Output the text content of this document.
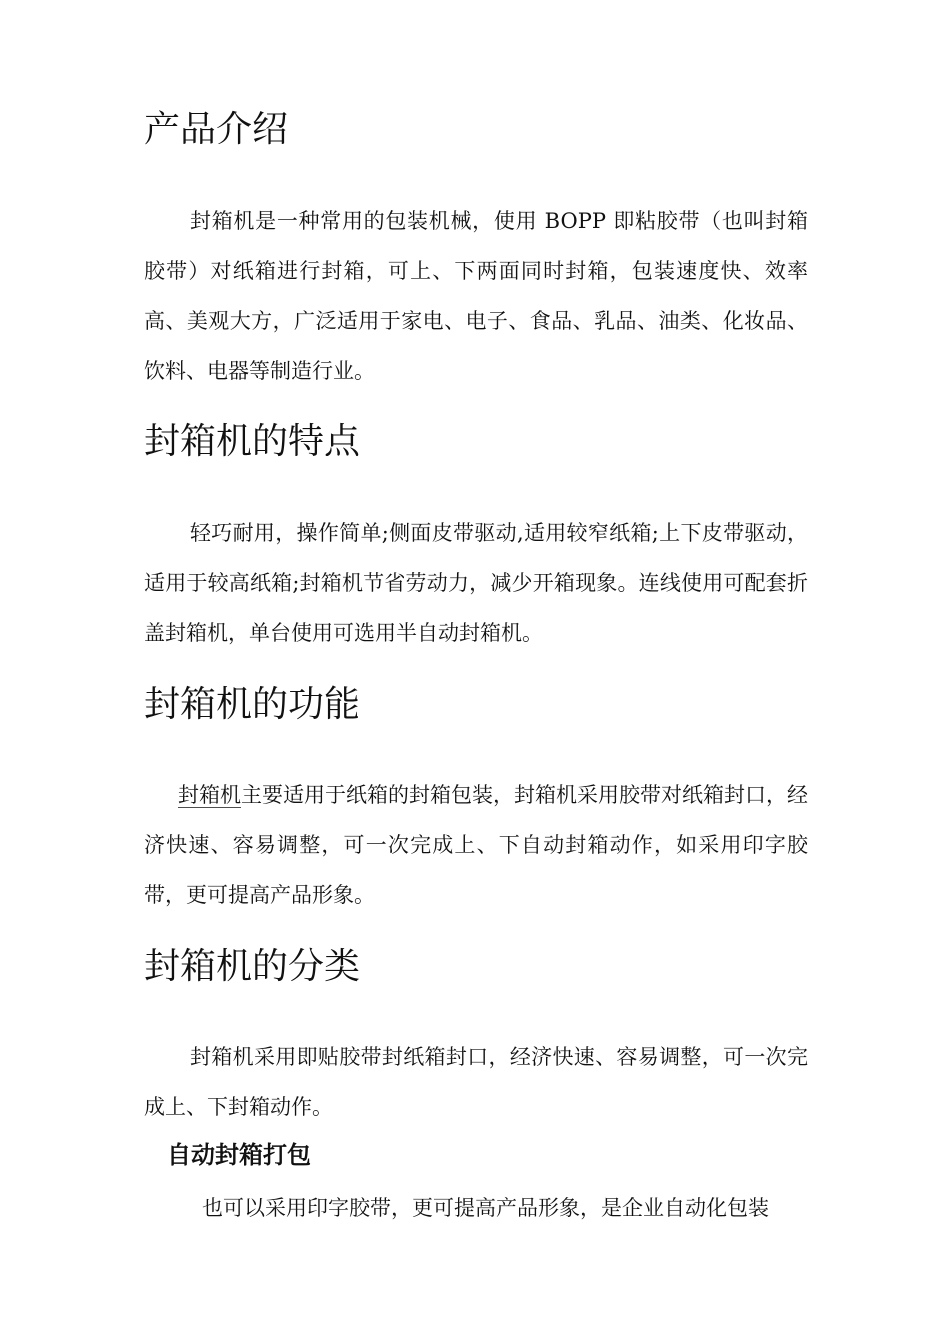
产品介绍

封箱机是一种常用的包装机械，使用 BOPP 即粘胶带（也叫封箱胶带）对纸箱进行封箱，可上、下两面同时封箱，包装速度快、效率高、美观大方，广泛适用于家电、电子、食品、乳品、油类、化妆品、饮料、电器等制造行业。

封箱机的特点

轻巧耐用，操作简单;侧面皮带驱动,适用较窄纸箱;上下皮带驱动，适用于较高纸箱;封箱机节省劳动力，减少开箱现象。连线使用可配套折盖封箱机，单台使用可选用半自动封箱机。

封箱机的功能

封箱机主要适用于纸箱的封箱包装，封箱机采用胶带对纸箱封口，经济快速、容易调整，可一次完成上、下自动封箱动作，如采用印字胶带，更可提高产品形象。

封箱机的分类

封箱机采用即贴胶带封纸箱封口，经济快速、容易调整，可一次完成上、下封箱动作。

自动封箱打包

也可以采用印字胶带，更可提高产品形象，是企业自动化包装
